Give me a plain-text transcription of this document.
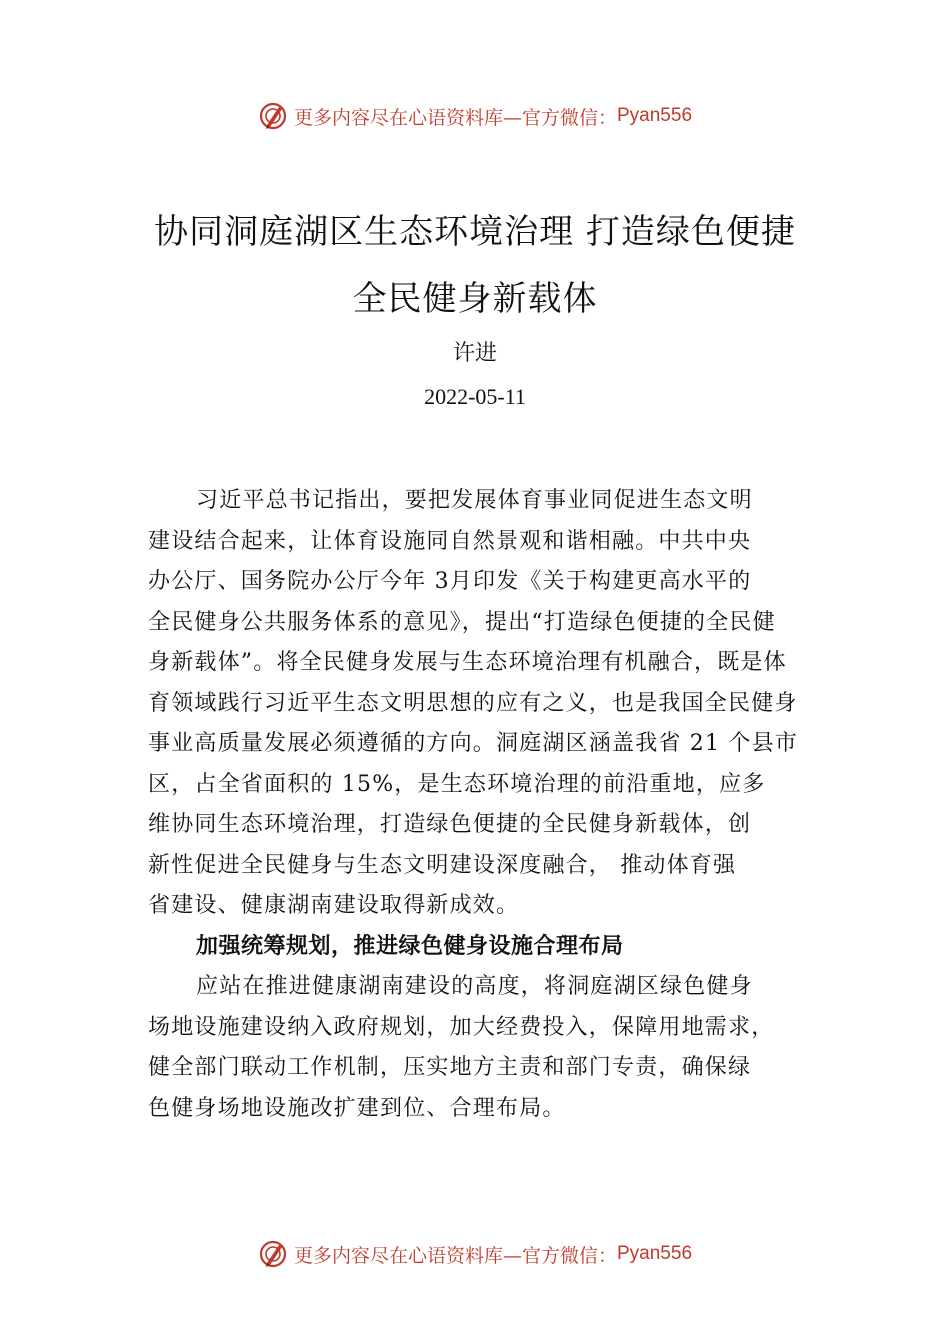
更多内容尽在心语资料库—官方微信： Pyan556
协同洞庭湖区生态环境治理 打造绿色便捷
全民健身新载体
许进
2022-05-11
习近平总书记指出，要把发展体育事业同促进生态文明
建设结合起来，让体育设施同自然景观和谐相融。中共中央
办公厅、国务院办公厅今年 3月印发《关于构建更高水平的
全民健身公共服务体系的意见》，提出“打造绿色便捷的全民健
身新载体”。将全民健身发展与生态环境治理有机融合，既是体
育领域践行习近平生态文明思想的应有之义，也是我国全民健身
事业高质量发展必须遵循的方向。洞庭湖区涵盖我省 21 个县市
区，占全省面积的 15%，是生态环境治理的前沿重地，应多
维协同生态环境治理，打造绿色便捷的全民健身新载体，创
新性促进全民健身与生态文明建设深度融合， 推动体育强
省建设、健康湖南建设取得新成效。
加强统筹规划，推进绿色健身设施合理布局
应站在推进健康湖南建设的高度，将洞庭湖区绿色健身
场地设施建设纳入政府规划，加大经费投入，保障用地需求，
健全部门联动工作机制，压实地方主责和部门专责，确保绿
色健身场地设施改扩建到位、合理布局。
更多内容尽在心语资料库—官方微信： Pyan556
